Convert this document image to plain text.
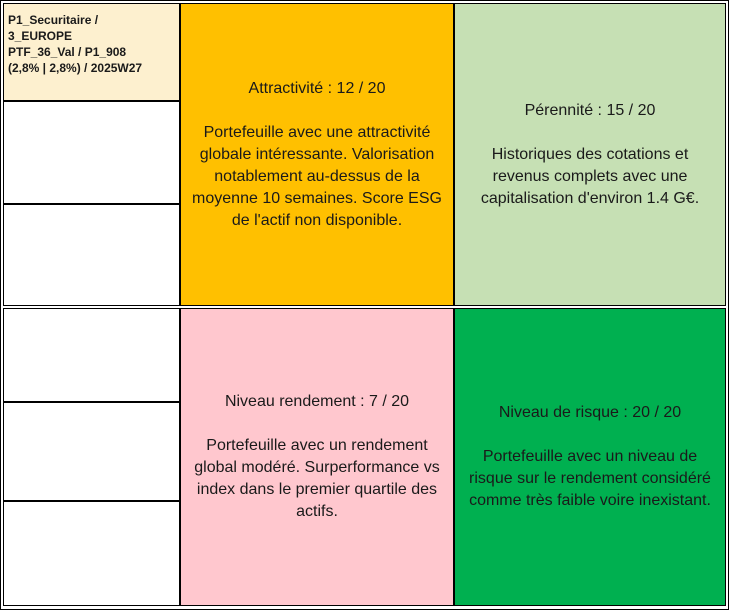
P1_Securitaire /
3_EUROPE
PTF_36_Val / P1_908
(2,8% | 2,8%) / 2025W27
Attractivité : 12 / 20
Portefeuille avec une attractivité globale intéressante. Valorisation notablement au-dessus de la moyenne 10 semaines. Score ESG de l'actif non disponible.
Pérennité : 15 / 20
Historiques des cotations et revenus complets avec une capitalisation d'environ 1.4 G€.
Niveau rendement : 7 / 20
Portefeuille avec un rendement global modéré. Surperformance vs index dans le premier quartile des actifs.
Niveau de risque : 20 / 20
Portefeuille avec un niveau de risque sur le rendement considéré comme très faible voire inexistant.
